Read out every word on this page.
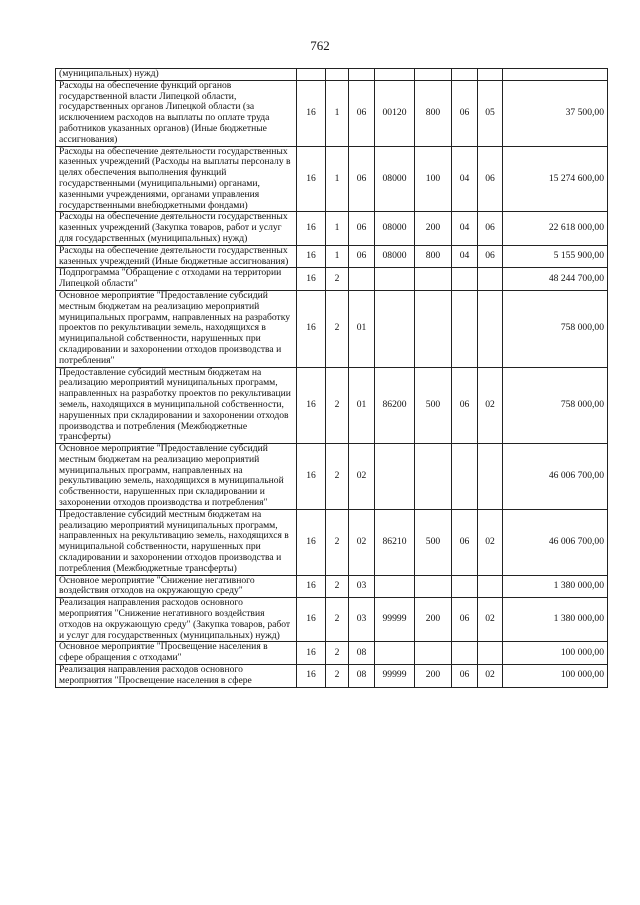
762
(муниципальных) нужд)								
Расходы на обеспечение функций органов государственной власти Липецкой области, государственных органов Липецкой области (за исключением расходов на выплаты по оплате труда работников указанных органов) (Иные бюджетные ассигнования)	16	1	06	00120	800	06	05	37 500,00
Расходы на обеспечение деятельности государственных казенных учреждений (Расходы на выплаты персоналу в целях обеспечения выполнения функций государственными (муниципальными) органами, казенными учреждениями, органами управления государственными внебюджетными фондами)	16	1	06	08000	100	04	06	15 274 600,00
Расходы на обеспечение деятельности государственных казенных учреждений (Закупка товаров, работ и услуг для государственных (муниципальных) нужд)	16	1	06	08000	200	04	06	22 618 000,00
Расходы на обеспечение деятельности государственных казенных учреждений (Иные бюджетные ассигнования)	16	1	06	08000	800	04	06	5 155 900,00
Подпрограмма "Обращение с отходами на территории Липецкой области"	16	2						48 244 700,00
Основное мероприятие "Предоставление субсидий местным бюджетам на реализацию мероприятий муниципальных программ, направленных на разработку проектов по рекультивации земель, находящихся в муниципальной собственности, нарушенных при складировании и захоронении отходов производства и потребления"	16	2	01					758 000,00
Предоставление субсидий местным бюджетам на реализацию мероприятий муниципальных программ, направленных на разработку проектов по рекультивации земель, находящихся в муниципальной собственности, нарушенных при складировании и захоронении отходов производства и потребления (Межбюджетные трансферты)	16	2	01	86200	500	06	02	758 000,00
Основное мероприятие "Предоставление субсидий местным бюджетам на реализацию мероприятий муниципальных программ, направленных на рекультивацию земель, находящихся в муниципальной собственности, нарушенных при складировании и захоронении отходов производства и потребления"	16	2	02					46 006 700,00
Предоставление субсидий местным бюджетам на реализацию мероприятий муниципальных программ, направленных на рекультивацию земель, находящихся в муниципальной собственности, нарушенных при складировании и захоронении отходов производства и потребления (Межбюджетные трансферты)	16	2	02	86210	500	06	02	46 006 700,00
Основное мероприятие "Снижение негативного воздействия отходов на окружающую среду"	16	2	03					1 380 000,00
Реализация направления расходов основного мероприятия "Снижение негативного воздействия отходов на окружающую среду" (Закупка товаров, работ и услуг для государственных (муниципальных) нужд)	16	2	03	99999	200	06	02	1 380 000,00
Основное мероприятие "Просвещение населения в сфере обращения с отходами"	16	2	08					100 000,00
Реализация направления расходов основного мероприятия "Просвещение населения в сфере	16	2	08	99999	200	06	02	100 000,00
